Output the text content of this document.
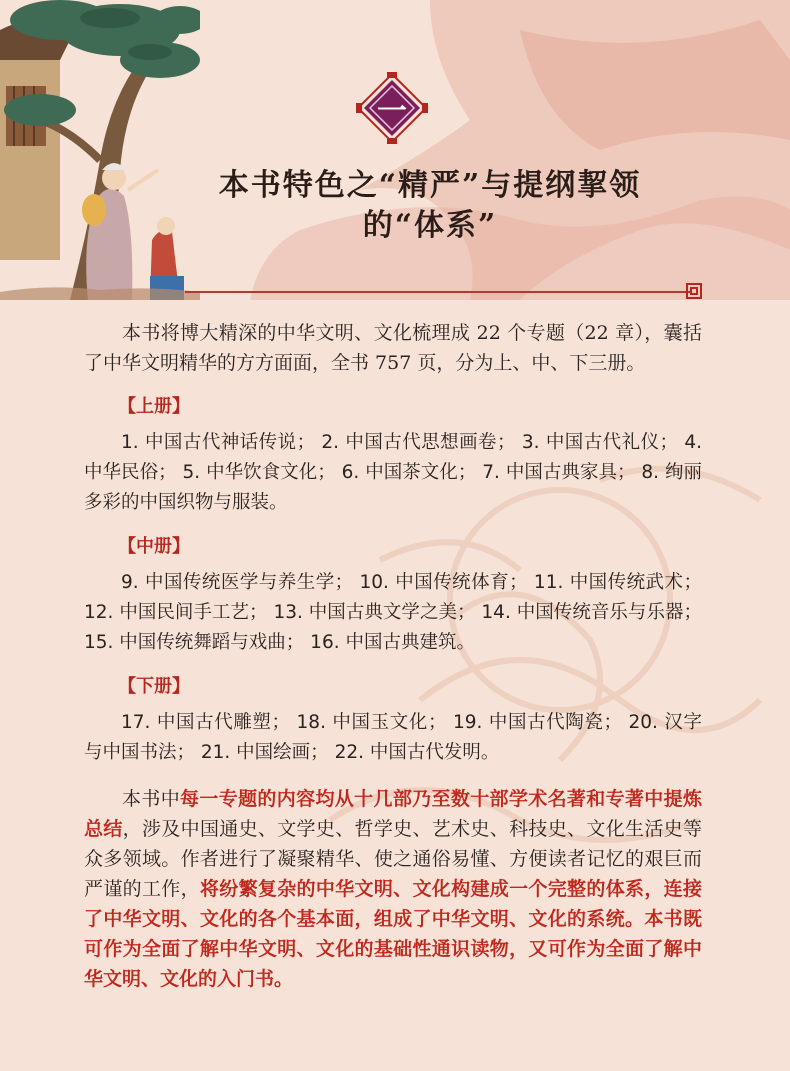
一
本书特色之“精严”与提纲挈领
的“体系”

本书将博大精深的中华文明、文化梳理成 22 个专题（22 章），囊括了中华文明精华的方方面面，全书 757 页，分为上、中、下三册。

【上册】

1. 中国古代神话传说； 2. 中国古代思想画卷； 3. 中国古代礼仪； 4. 中华民俗； 5. 中华饮食文化； 6. 中国茶文化； 7. 中国古典家具； 8. 绚丽多彩的中国织物与服装。

【中册】

9. 中国传统医学与养生学； 10. 中国传统体育； 11. 中国传统武术；12. 中国民间手工艺； 13. 中国古典文学之美； 14. 中国传统音乐与乐器； 15. 中国传统舞蹈与戏曲； 16. 中国古典建筑。

【下册】

17. 中国古代雕塑； 18. 中国玉文化； 19. 中国古代陶瓷； 20. 汉字与中国书法； 21. 中国绘画； 22. 中国古代发明。

本书中每一专题的内容均从十几部乃至数十部学术名著和专著中提炼总结，涉及中国通史、文学史、哲学史、艺术史、科技史、文化生活史等众多领域。作者进行了凝聚精华、使之通俗易懂、方便读者记忆的艰巨而严谨的工作，将纷繁复杂的中华文明、文化构建成一个完整的体系，连接了中华文明、文化的各个基本面，组成了中华文明、文化的系统。本书既可作为全面了解中华文明、文化的基础性通识读物，又可作为全面了解中华文明、文化的入门书。
